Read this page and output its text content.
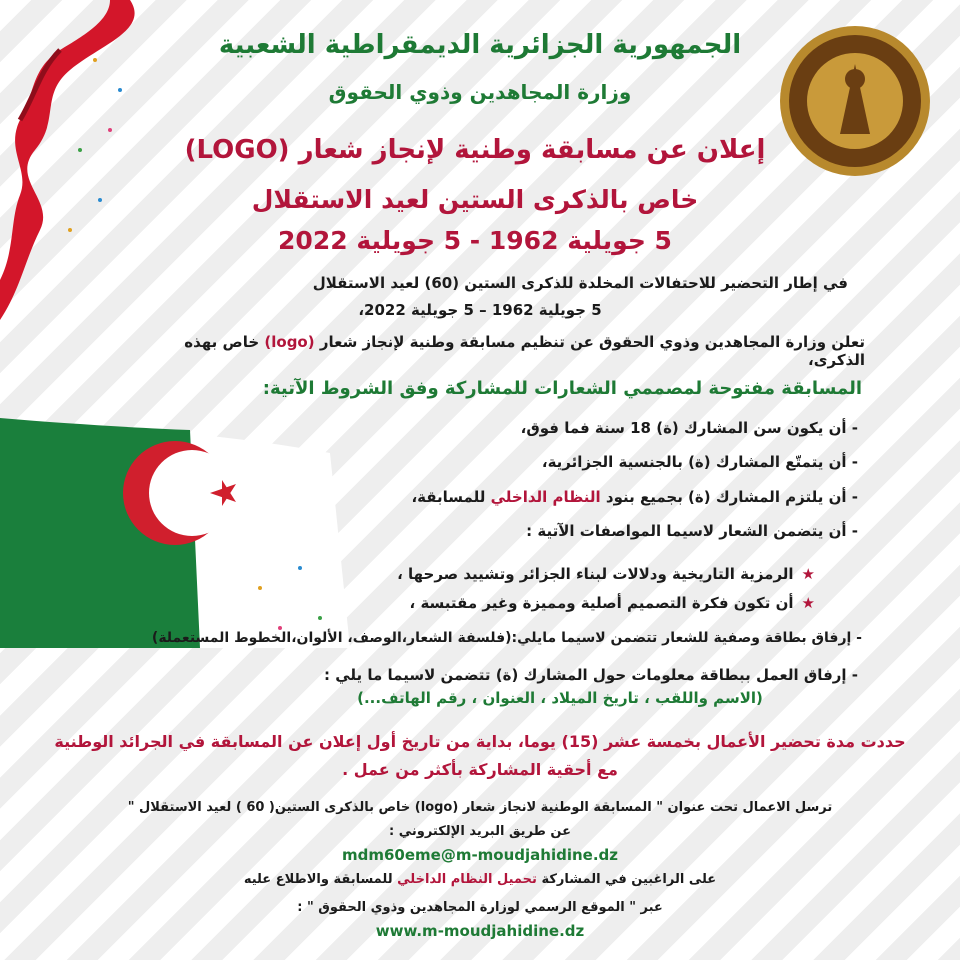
الجمهورية الجزائرية الديمقراطية الشعبية
وزارة المجاهدين وذوي الحقوق
إعلان عن مسابقة وطنية لإنجاز شعار (LOGO)
خاص بالذكرى الستين لعيد الاستقلال
5 جويلية 1962 - 5 جويلية 2022
في إطار التحضير للاحتفالات المخلدة للذكرى الستين (60) لعيد الاستقلال
5 جويلية 1962 – 5 جويلية 2022،
تعلن وزارة المجاهدين وذوي الحقوق عن تنظيم مسابقة وطنية لإنجاز شعار (logo) خاص بهذه الذكرى،
المسابقة مفتوحة لمصممي الشعارات للمشاركة وفق الشروط الآتية:
- أن يكون سن المشارك (ة) 18 سنة فما فوق،
- أن يتمتّع المشارك (ة) بالجنسية الجزائرية،
- أن يلتزم المشارك (ة) بجميع بنود النظام الداخلي للمسابقة،
- أن يتضمن الشعار لاسيما المواصفات الآتية :
★الرمزية التاريخية ودلالات لبناء الجزائر وتشييد صرحها ،
★أن تكون فكرة التصميم أصلية ومميزة وغير مقتبسة ،
- إرفاق بطاقة وصفية للشعار تتضمن لاسيما مايلي:(فلسفة الشعار،الوصف، الألوان،الخطوط المستعملة)
- إرفاق العمل ببطاقة معلومات حول المشارك (ة) تتضمن لاسيما ما يلي :
(الاسم واللقب ، تاريخ الميلاد ، العنوان ، رقم الهاتف...)
حددت مدة تحضير الأعمال بخمسة عشر (15) يوما، بداية من تاريخ أول إعلان عن المسابقة في الجرائد الوطنية
مع أحقية المشاركة بأكثر من عمل .
ترسل الاعمال تحت عنوان " المسابقة الوطنية لانجاز شعار (logo) خاص بالذكرى الستين( 60 ) لعيد الاستقلال "
عن طريق البريد الإلكتروني :
mdm60eme@m-moudjahidine.dz
على الراغبين في المشاركة تحميل النظام الداخلي للمسابقة والاطلاع عليه
عبر " الموقع الرسمي لوزارة المجاهدين وذوي الحقوق " :
www.m-moudjahidine.dz
